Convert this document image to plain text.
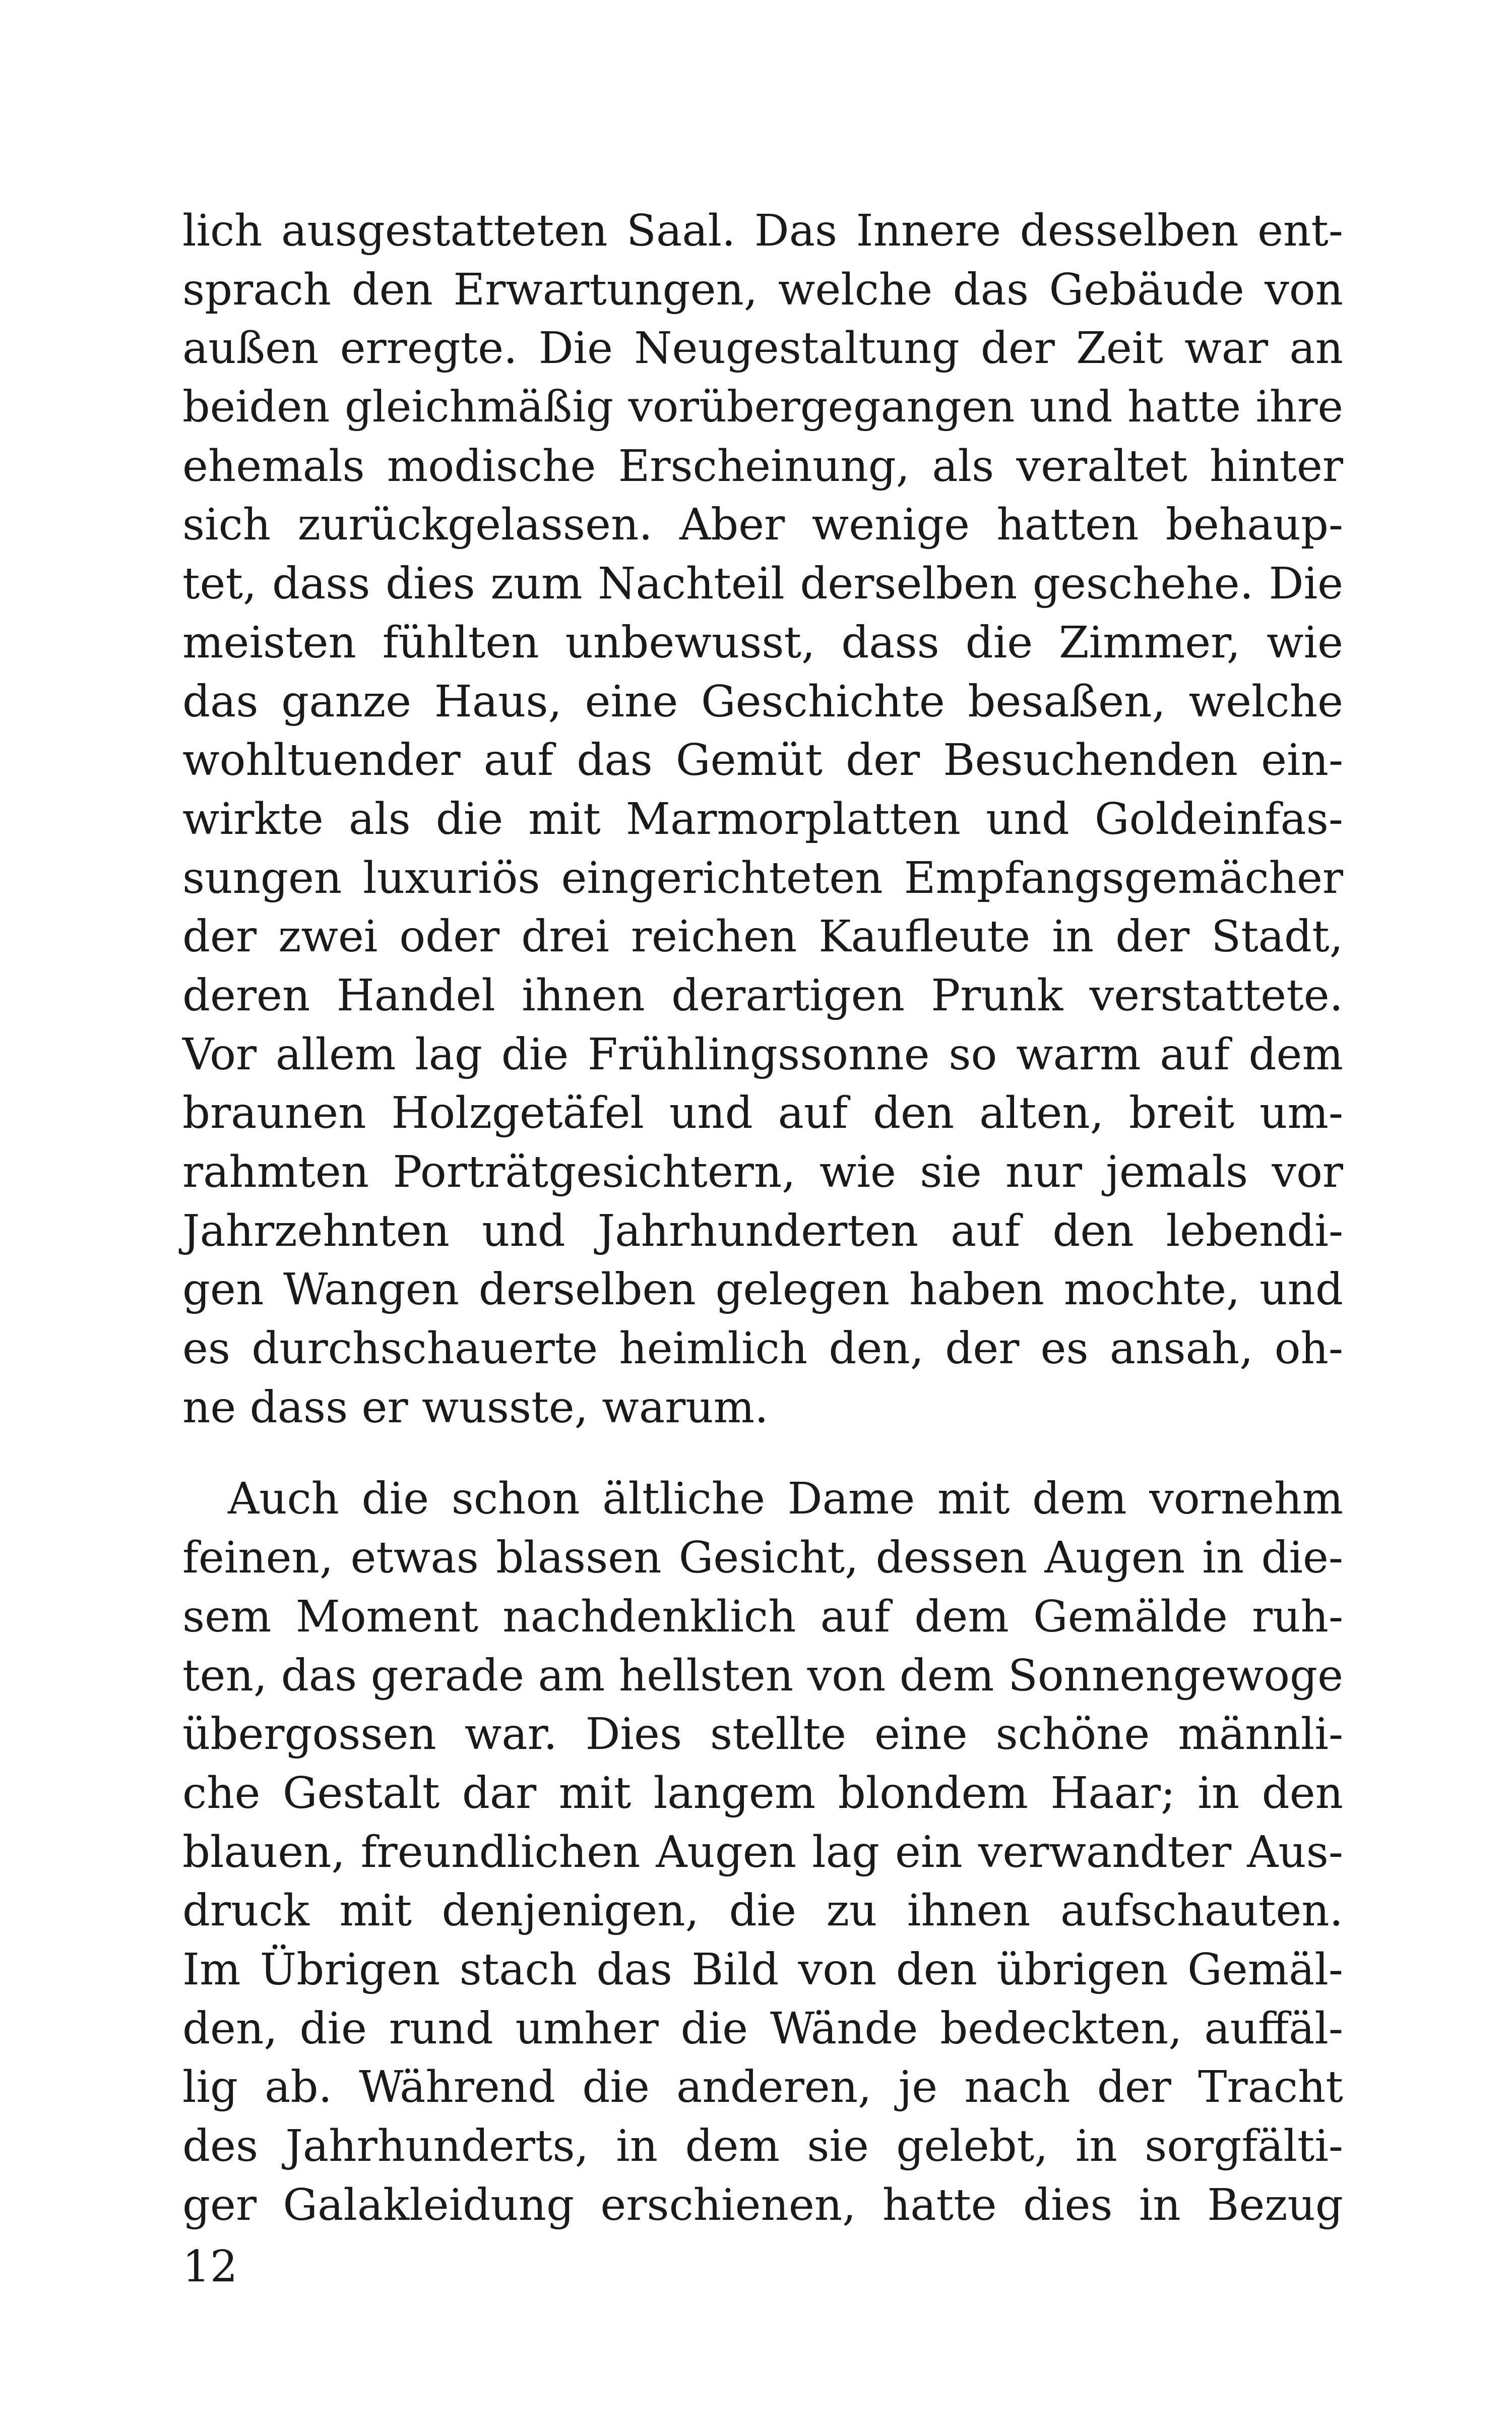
lich ausgestatteten Saal. Das Innere desselben ent-
sprach den Erwartungen, welche das Gebäude von
außen erregte. Die Neugestaltung der Zeit war an
beiden gleichmäßig vorübergegangen und hatte ihre
ehemals modische Erscheinung, als veraltet hinter
sich zurückgelassen. Aber wenige hatten behaup-
tet, dass dies zum Nachteil derselben geschehe. Die
meisten fühlten unbewusst, dass die Zimmer, wie
das ganze Haus, eine Geschichte besaßen, welche
wohltuender auf das Gemüt der Besuchenden ein-
wirkte als die mit Marmorplatten und Goldeinfas-
sungen luxuriös eingerichteten Empfangsgemächer
der zwei oder drei reichen Kaufleute in der Stadt,
deren Handel ihnen derartigen Prunk verstattete.
Vor allem lag die Frühlingssonne so warm auf dem
braunen Holzgetäfel und auf den alten, breit um-
rahmten Porträtgesichtern, wie sie nur jemals vor
Jahrzehnten und Jahrhunderten auf den lebendi-
gen Wangen derselben gelegen haben mochte, und
es durchschauerte heimlich den, der es ansah, oh-
ne dass er wusste, warum.
Auch die schon ältliche Dame mit dem vornehm
feinen, etwas blassen Gesicht, dessen Augen in die-
sem Moment nachdenklich auf dem Gemälde ruh-
ten, das gerade am hellsten von dem Sonnengewoge
übergossen war. Dies stellte eine schöne männli-
che Gestalt dar mit langem blondem Haar; in den
blauen, freundlichen Augen lag ein verwandter Aus-
druck mit denjenigen, die zu ihnen aufschauten.
Im Übrigen stach das Bild von den übrigen Gemäl-
den, die rund umher die Wände bedeckten, auffäl-
lig ab. Während die anderen, je nach der Tracht
des Jahrhunderts, in dem sie gelebt, in sorgfälti-
ger Galakleidung erschienen, hatte dies in Bezug
12
